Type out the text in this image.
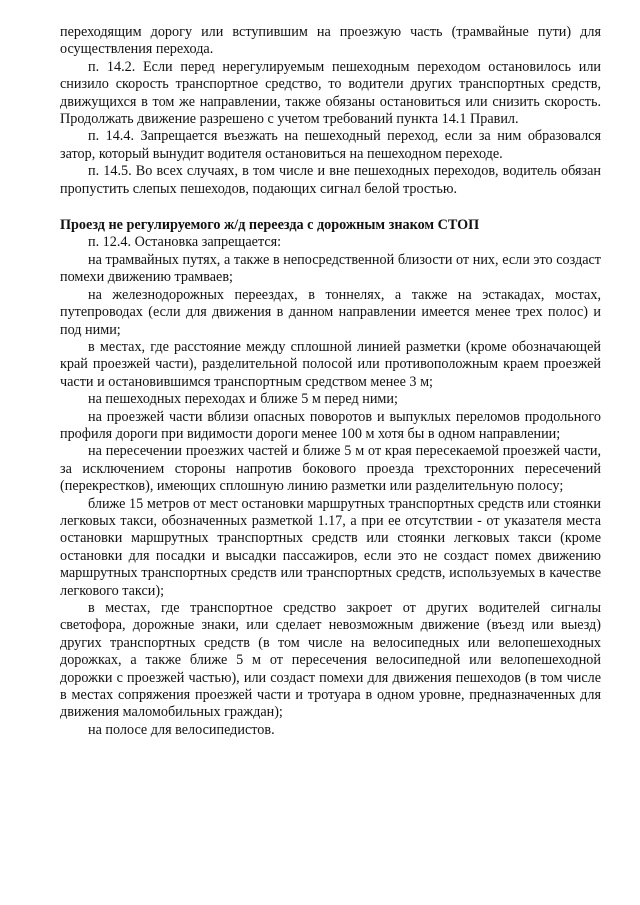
переходящим дорогу или вступившим на проезжую часть (трамвайные пути) для осуществления перехода.

п. 14.2. Если перед нерегулируемым пешеходным переходом остановилось или снизило скорость транспортное средство, то водители других транспортных средств, движущихся в том же направлении, также обязаны остановиться или снизить скорость. Продолжать движение разрешено с учетом требований пункта 14.1 Правил.

п. 14.4. Запрещается въезжать на пешеходный переход, если за ним образовался затор, который вынудит водителя остановиться на пешеходном переходе.

п. 14.5. Во всех случаях, в том числе и вне пешеходных переходов, водитель обязан пропустить слепых пешеходов, подающих сигнал белой тростью.

Проезд не регулируемого ж/д переезда с дорожным знаком СТОП

п. 12.4. Остановка запрещается:

на трамвайных путях, а также в непосредственной близости от них, если это создаст помехи движению трамваев;

на железнодорожных переездах, в тоннелях, а также на эстакадах, мостах, путепроводах (если для движения в данном направлении имеется менее трех полос) и под ними;

в местах, где расстояние между сплошной линией разметки (кроме обозначающей край проезжей части), разделительной полосой или противоположным краем проезжей части и остановившимся транспортным средством менее 3 м;

на пешеходных переходах и ближе 5 м перед ними;

на проезжей части вблизи опасных поворотов и выпуклых переломов продольного профиля дороги при видимости дороги менее 100 м хотя бы в одном направлении;

на пересечении проезжих частей и ближе 5 м от края пересекаемой проезжей части, за исключением стороны напротив бокового проезда трехсторонних пересечений (перекрестков), имеющих сплошную линию разметки или разделительную полосу;

ближе 15 метров от мест остановки маршрутных транспортных средств или стоянки легковых такси, обозначенных разметкой 1.17, а при ее отсутствии - от указателя места остановки маршрутных транспортных средств или стоянки легковых такси (кроме остановки для посадки и высадки пассажиров, если это не создаст помех движению маршрутных транспортных средств или транспортных средств, используемых в качестве легкового такси);

в местах, где транспортное средство закроет от других водителей сигналы светофора, дорожные знаки, или сделает невозможным движение (въезд или выезд) других транспортных средств (в том числе на велосипедных или велопешеходных дорожках, а также ближе 5 м от пересечения велосипедной или велопешеходной дорожки с проезжей частью), или создаст помехи для движения пешеходов (в том числе в местах сопряжения проезжей части и тротуара в одном уровне, предназначенных для движения маломобильных граждан);

на полосе для велосипедистов.
